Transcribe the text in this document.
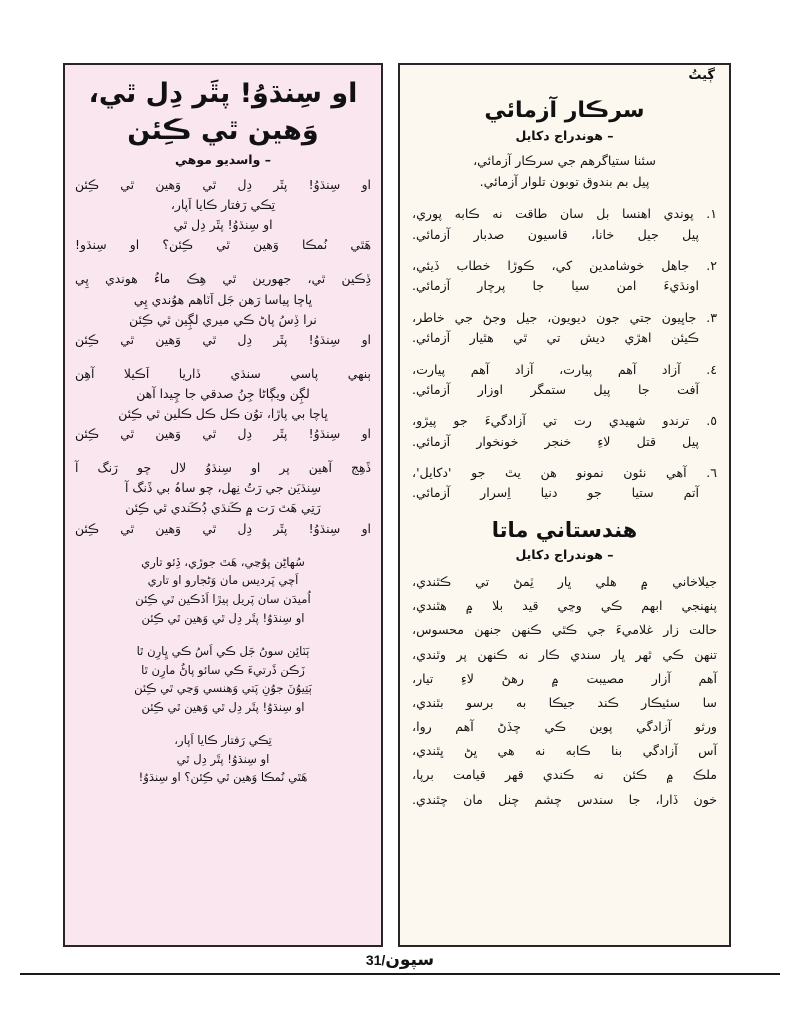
او سِنڌوُ! پٿَر دِل ٿي،
وَهين ٿي ڪِئن
– واسديو موهي
او سِنڌوُ! پٿَر دِل ٿي وَهين ٿي ڪِئن
تِڪي رَفتار ڪايا اَپار،
او سِنڌوُ! پٿَر دِل ٿي
هَٿي نُمڪا وَهين ٿي ڪِئن؟ او سِنڌو!
ڏِڪين ٿي، جهورين ٿي هِڪ ماءُ هوندي پِي
ڀاچا پياسا رَهن جَل اَٽاهم هوُندي پِي
نرا ڏِسُ پاڻ ڪي ميري لڳِين ٿي ڪِئن
او سِنڌوُ! پٿَر دِل ٿي وَهين ٿي ڪِئن
ٻنهي پاسي سنڌي ڏاريا اَڪيلا آهِن
لڳِن ويڳاڻا جِنُ صدقي جا چِيدا آهن
ڀاچا بي پاڙا، توُن ڪل ڪل ڪلين ٿي ڪِئن
او سِنڌوُ! پٿَر دِل ٿي وَهين ٿي ڪِئن
ڏَهِج آهين پر او سِنڌوُ لال چو رَنگ آ
سِنڌيَن جي رَتُ نِهل، چو ساہُ بي ڏَنگ آ
رَتِي هَٿ رَت ۾ ڪَنڌي ڊُڪَندي ٿي ڪِئن
او سِنڌوُ! پٿَر دِل ٿي وَهين ٿي ڪِئن
سُهاڻِن پوُڃي، هَٿ جوڙي، ڏِئو تاري
اَچي پَرديس مان وَڻجارو او تاري
اُميدَن سان پَريل ٻيڙا اَڏڪين ٿي ڪِئن
او سِنڌوُ! پٿَر دِل ٿي وَهين ٿي ڪِئن
ٻَٽائِن سوںُ جَل ڪي اَسُ ڪي ڀِارِن ٿا
زَڪن ڏَرتيءَ ڪي سائو پاڻُ مارِن ٿا
ٻَتِيوُنَ جوُنِ پَتي وَهنسي وَڃي ٿي ڪِئن
او سِنڌوُ! پٿَر دِل ٿي وَهين ٿي ڪِئن
تِڪي رَفتار ڪايا اَپار،
او سِنڌوُ! پٿَر دِل ٿي
هَٿي نُمڪا وَهين ٿي ڪِئن؟ او سِنڌوُ!
ڳيتُ
سرڪار آزمائي
– هوندراج دکايل
سئنا ستياگرهم جي سرڪار آزمائي،
پيل بم بندوق توبون تلوار آزمائي.
١. پوندي اهنسا بل سان طاقت نه ڪابه پوري،
پيل جيل خانا، قاسيون صدبار آزمائي.
٢. جاهل خوشامدين کي، ڪوڙا خطاب ڏيئي،
اونڌيءَ امن سيا جا پرچار آزمائي.
٣. جاڀيون جتي جون ديويون، جيل وجڻ جي خاطر،
ڪيئن اهڙي ديش تي ٿي هٿيار آزمائي.
٤. آزاد آهم پيارت، آزاد آهم پيارت،
آفت جا پيل ستمگر اوزار آزمائي.
٥. ترندو شهيدي رت تي آزادگيءَ جو پيڙو،
پيل قتل لاءِ خنجر خونخوار آزمائي.
٦. آهي نئون نمونو هن يٿ جو 'دکايل'،
آتم ستيا جو دنيا اِسرار آزمائي.
هندستاني ماتا
– هوندراج دکايل
جيلاخاني ۾ هلي ڀار ٽِمڻ تي ڪٿندي،
پنهنجي ابهم ڪي وڃي قيد بلا ۾ هٿندي،
حالت زار غلاميءَ جي ڪٿي ڪنهن جنهن محسوس،
تنهن ڪي ٿهر ڀار سندي ڪار نه ڪنهن پر وٿندي،
آهم آزار مصيبت ۾ رهڻ لاءِ تيار،
سا سئيڪار ڪند جيڪا به برسو بٿندي،
ورثو آزادگي پوين ڪي چڏڻ آهم روا،
آس آزادگي بنا ڪابه نه هي ڀڻ ڀٿندي،
ملڪ ۾ ڪئن نه ڪندي قهر قيامت برپا،
خون ڏارا، جا سندس چشم چنل مان چٿندي.
سپون/31
